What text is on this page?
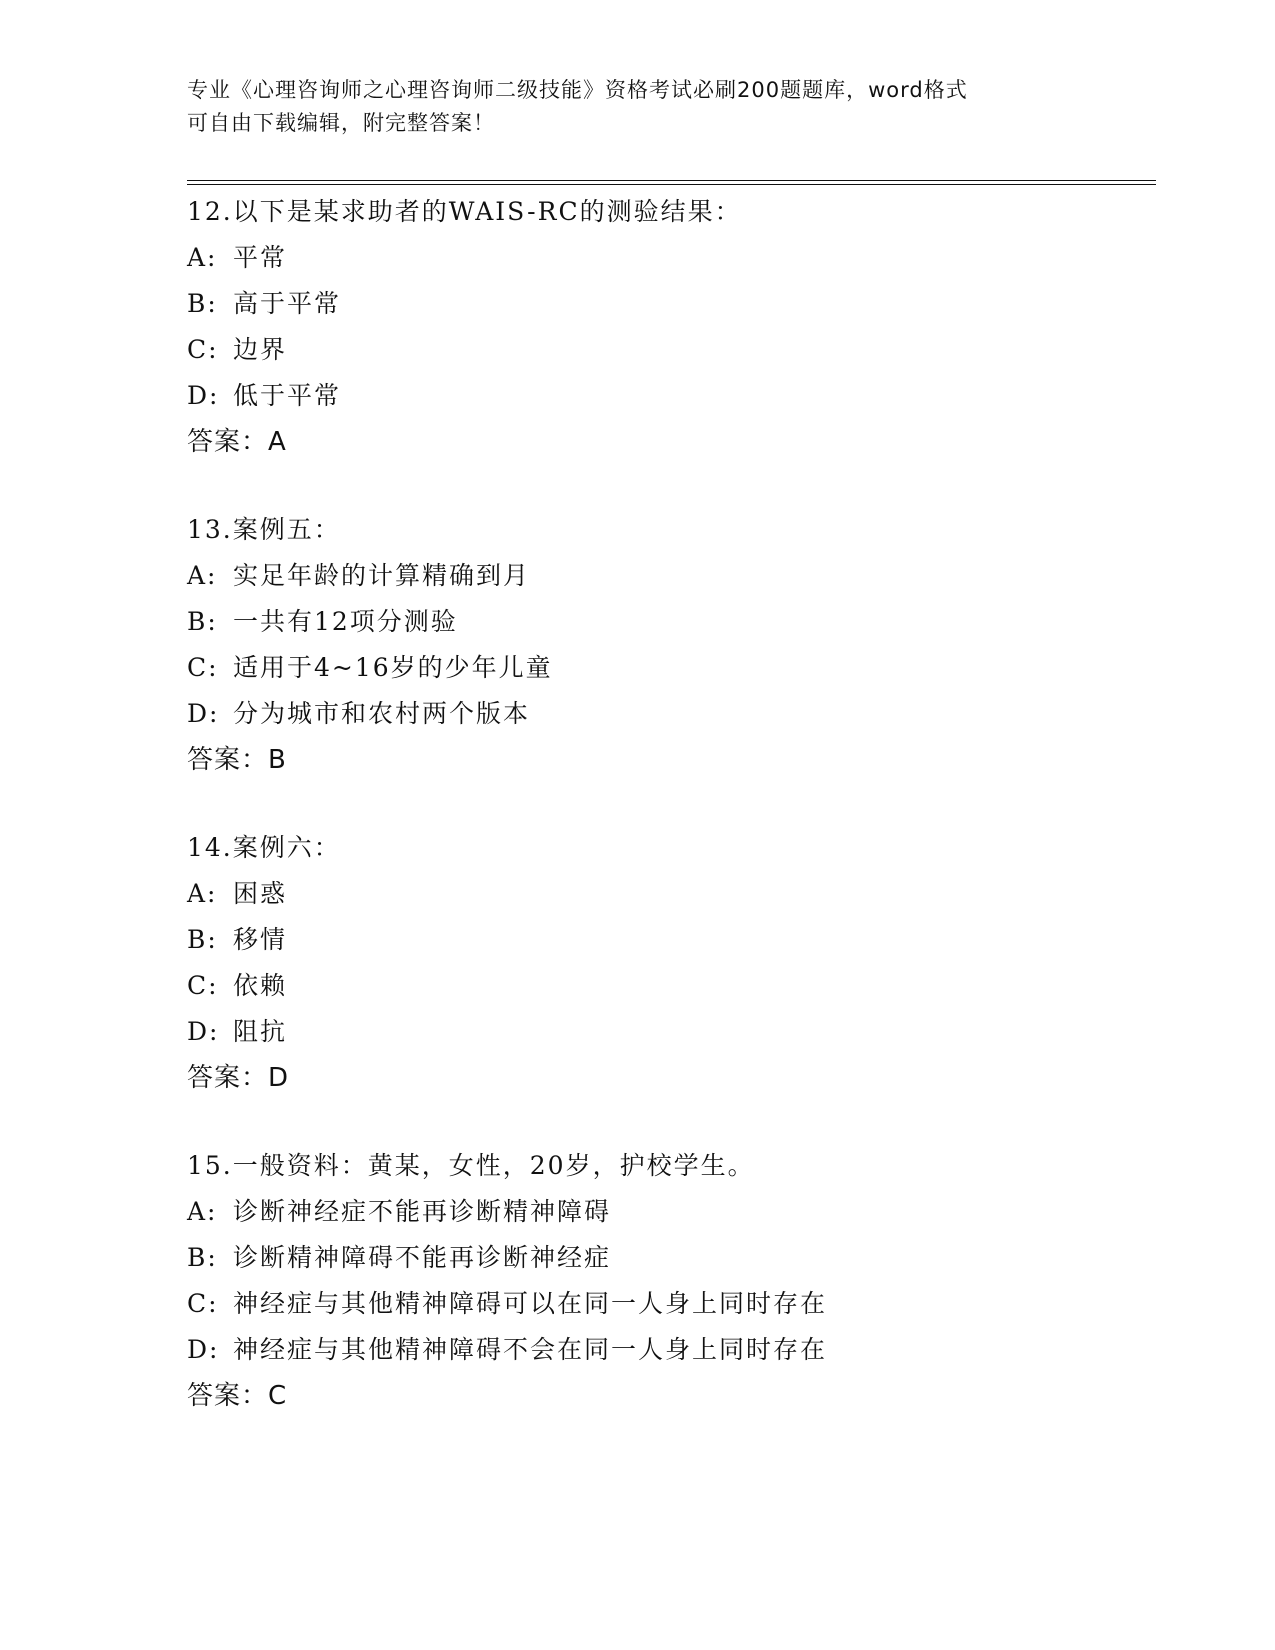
专业《心理咨询师之心理咨询师二级技能》资格考试必刷200题题库，word格式
可自由下载编辑，附完整答案！
12.以下是某求助者的WAIS-RC的测验结果：
A: 平常
B: 高于平常
C: 边界
D: 低于平常
答案：A
13.案例五：
A: 实足年龄的计算精确到月
B: 一共有12项分测验
C: 适用于4~16岁的少年儿童
D: 分为城市和农村两个版本
答案：B
14.案例六：
A: 困惑
B: 移情
C: 依赖
D: 阻抗
答案：D
15.一般资料：黄某，女性，20岁，护校学生。
A: 诊断神经症不能再诊断精神障碍
B: 诊断精神障碍不能再诊断神经症
C: 神经症与其他精神障碍可以在同一人身上同时存在
D: 神经症与其他精神障碍不会在同一人身上同时存在
答案：C
